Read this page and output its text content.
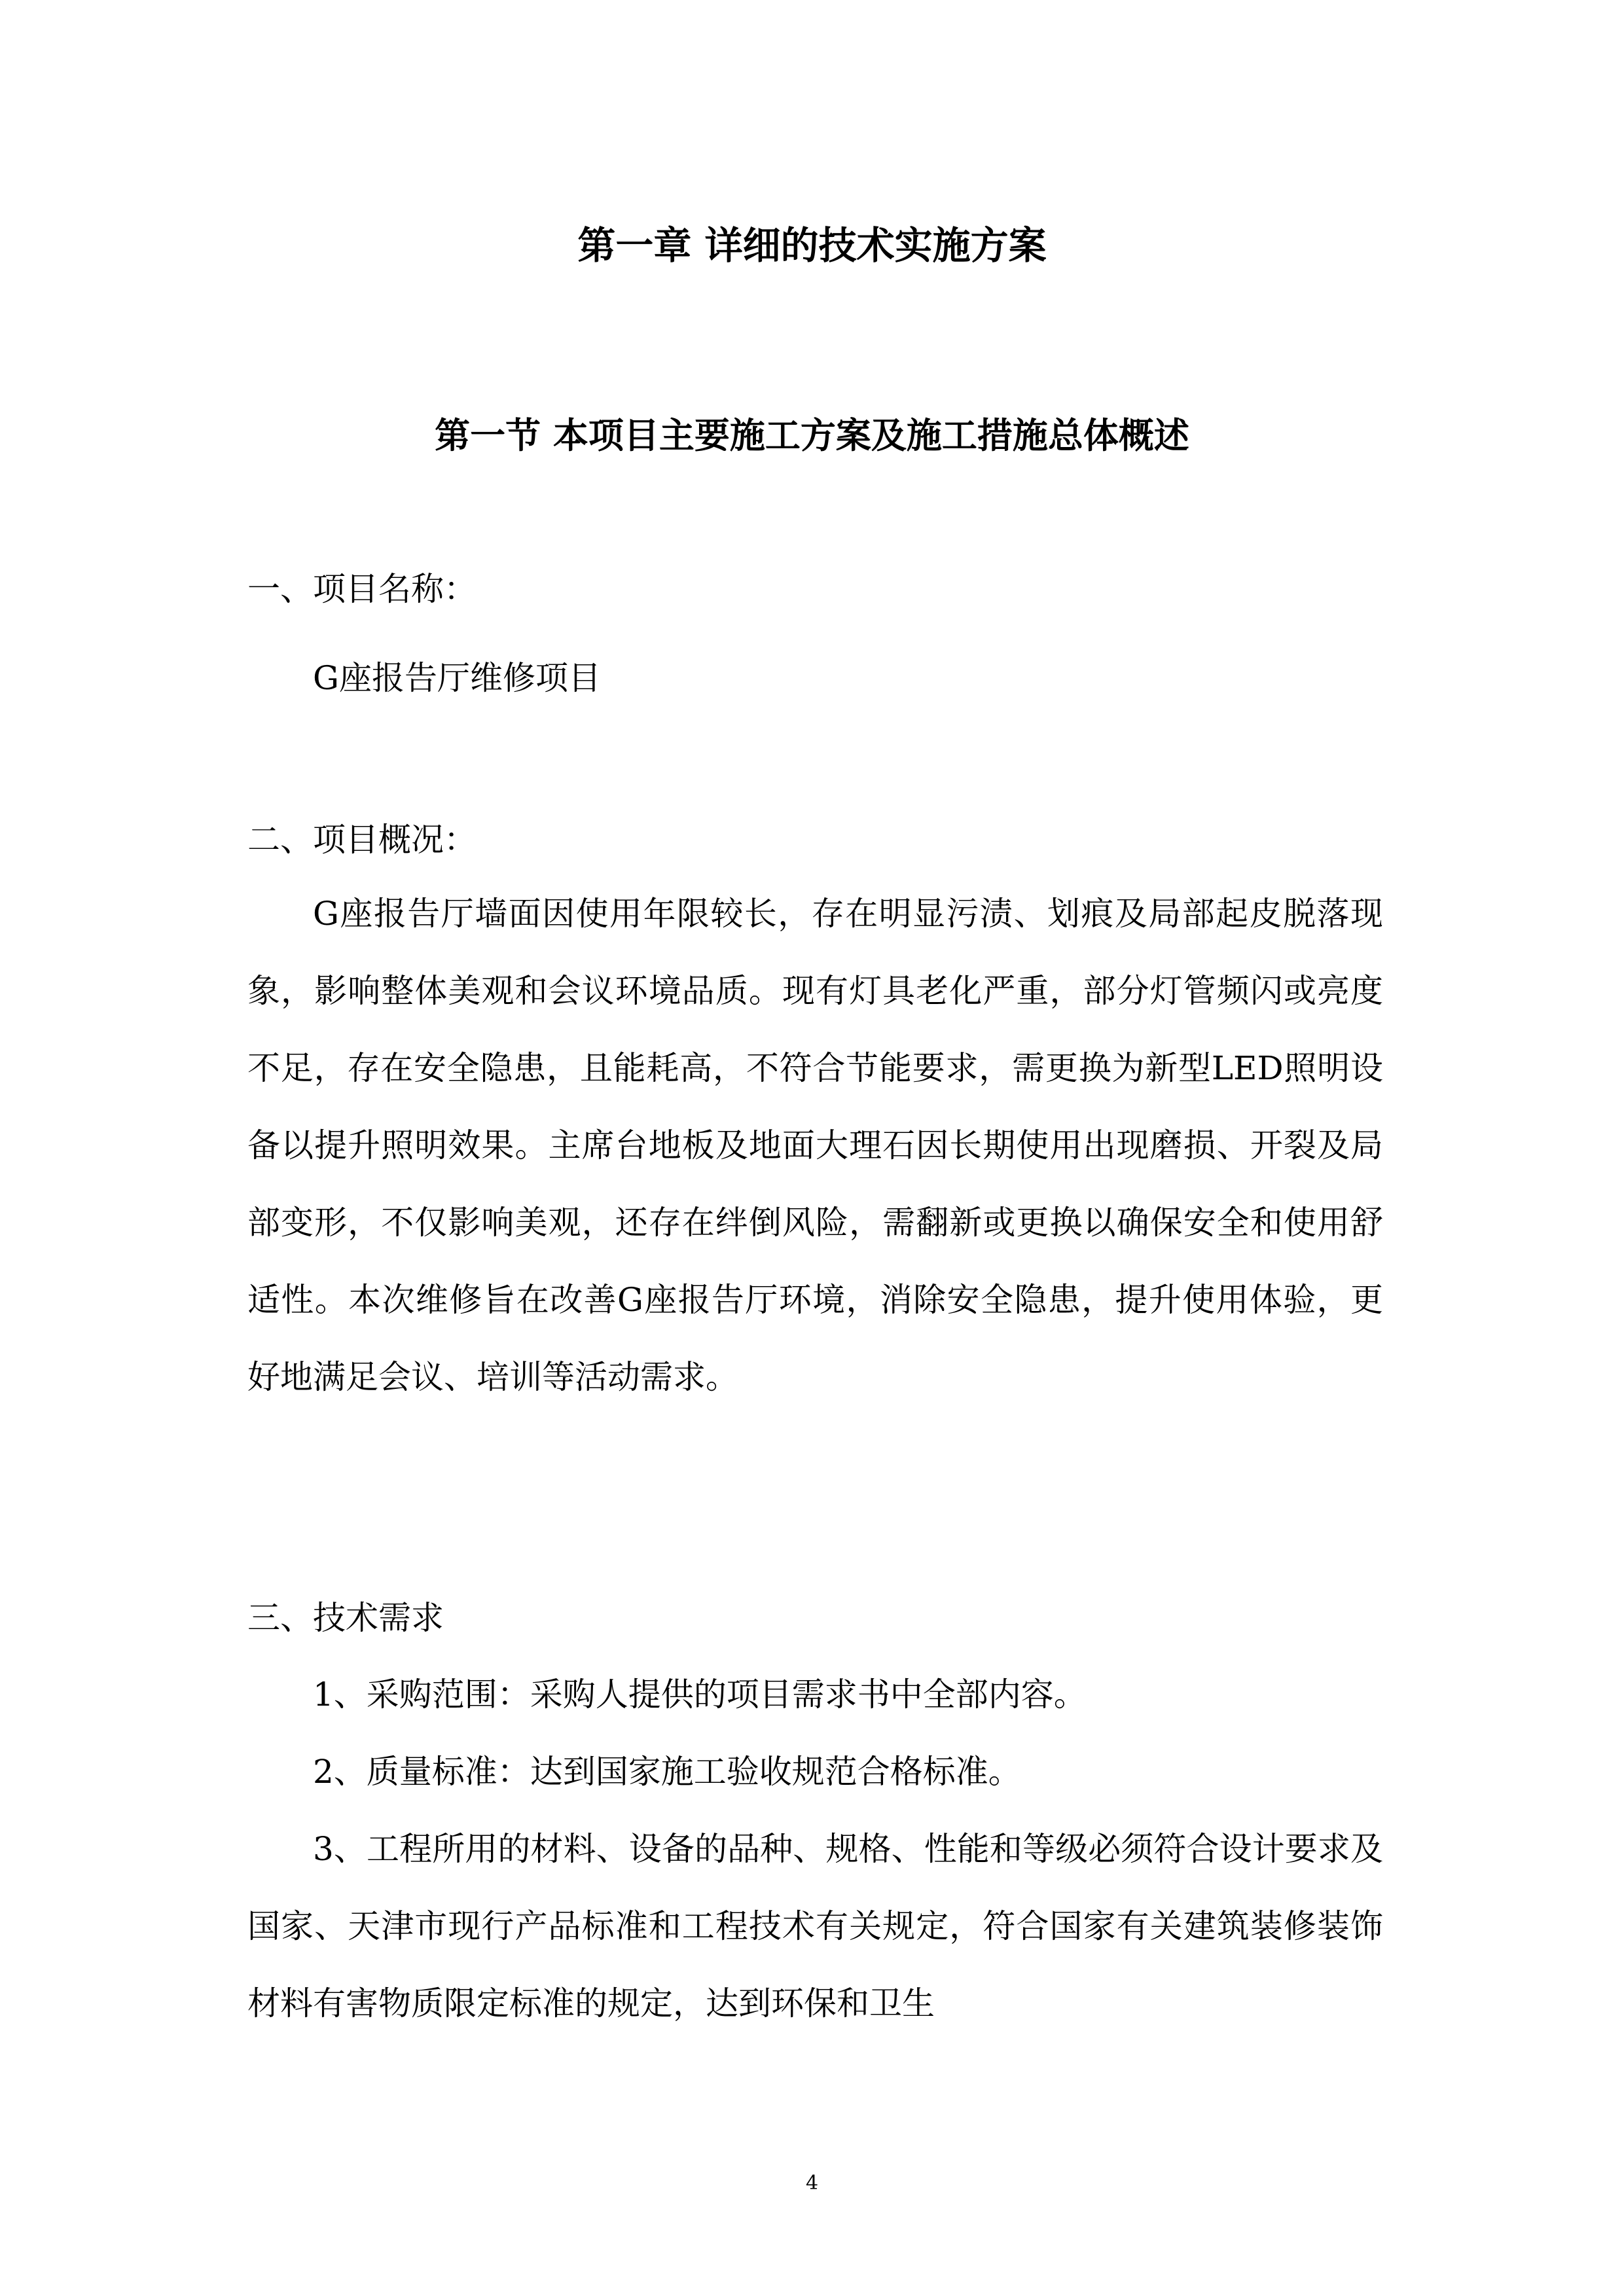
第一章 详细的技术实施方案
第一节 本项目主要施工方案及施工措施总体概述
一、项目名称：
G座报告厅维修项目
二、项目概况：

G座报告厅墙面因使用年限较长，存在明显污渍、划痕及局部起皮脱落现象，影响整体美观和会议环境品质。现有灯具老化严重，部分灯管频闪或亮度不足，存在安全隐患，且能耗高，不符合节能要求，需更换为新型LED照明设备以提升照明效果。主席台地板及地面大理石因长期使用出现磨损、开裂及局部变形，不仅影响美观，还存在绊倒风险，需翻新或更换以确保安全和使用舒适性。本次维修旨在改善G座报告厅环境，消除安全隐患，提升使用体验，更好地满足会议、培训等活动需求。

三、技术需求

1、采购范围：采购人提供的项目需求书中全部内容。

2、质量标准：达到国家施工验收规范合格标准。

3、工程所用的材料、设备的品种、规格、性能和等级必须符合设计要求及国家、天津市现行产品标准和工程技术有关规定，符合国家有关建筑装修装饰材料有害物质限定标准的规定，达到环保和卫生

4
